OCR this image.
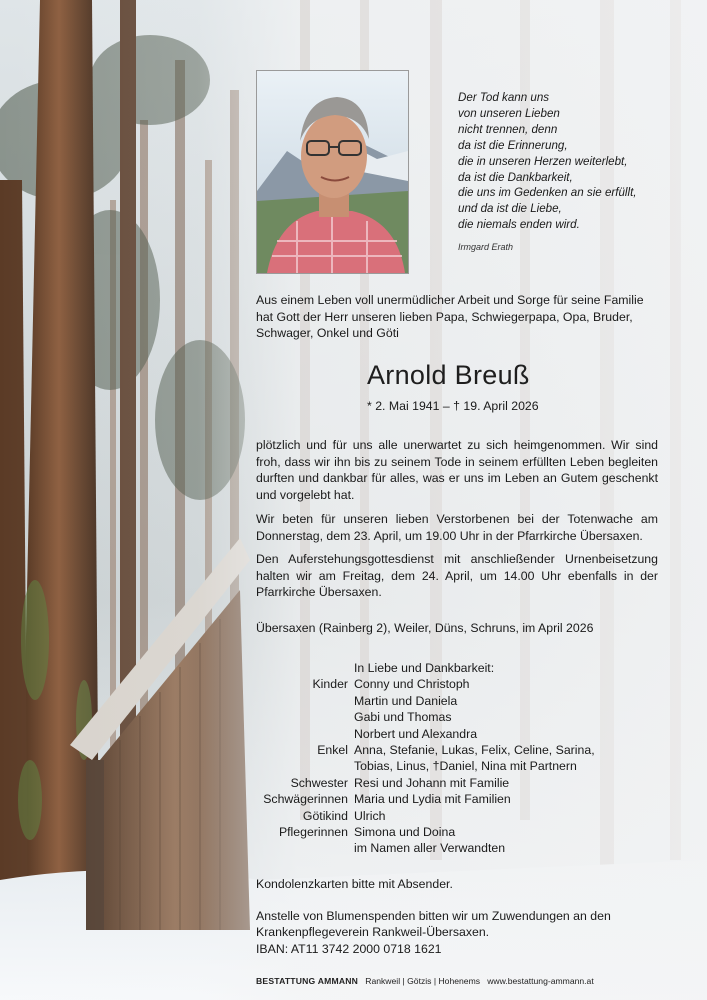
Der Tod kann uns
von unseren Lieben
nicht trennen, denn
da ist die Erinnerung,
die in unseren Herzen weiterlebt,
da ist die Dankbarkeit,
die uns im Gedenken an sie erfüllt,
und da ist die Liebe,
die niemals enden wird.
Irmgard Erath
Aus einem Leben voll unermüdlicher Arbeit und Sorge für seine Familie hat Gott der Herr unseren lieben Papa, Schwiegerpapa, Opa, Bruder, Schwager, Onkel und Göti
Arnold Breuß
* 2. Mai 1941 – † 19. April 2026
plötzlich und für uns alle unerwartet zu sich heimgenommen. Wir sind froh, dass wir ihn bis zu seinem Tode in seinem erfüllten Leben begleiten durften und dankbar für alles, was er uns im Leben an Gutem geschenkt und vorgelebt hat.
Wir beten für unseren lieben Verstorbenen bei der Totenwache am Donnerstag, dem 23. April, um 19.00 Uhr in der Pfarrkirche Übersaxen.
Den Auferstehungsgottesdienst mit anschließender Urnenbeisetzung halten wir am Freitag, dem 24. April, um 14.00 Uhr ebenfalls in der Pfarrkirche Übersaxen.
Übersaxen (Rainberg 2), Weiler, Düns, Schruns, im April 2026
In Liebe und Dankbarkeit:
Kinder Conny und Christoph
Martin und Daniela
Gabi und Thomas
Norbert und Alexandra
Enkel Anna, Stefanie, Lukas, Felix, Celine, Sarina,
Tobias, Linus, †Daniel, Nina mit Partnern
Schwester Resi und Johann mit Familie
Schwägerinnen Maria und Lydia mit Familien
Götikind Ulrich
Pflegerinnen Simona und Doina
im Namen aller Verwandten
Kondolenzkarten bitte mit Absender.
Anstelle von Blumenspenden bitten wir um Zuwendungen an den
Krankenpflegeverein Rankweil-Übersaxen.
IBAN: AT11 3742 2000 0718 1621
BESTATTUNG AMMANN Rankweil | Götzis | Hohenems www.bestattung-ammann.at
